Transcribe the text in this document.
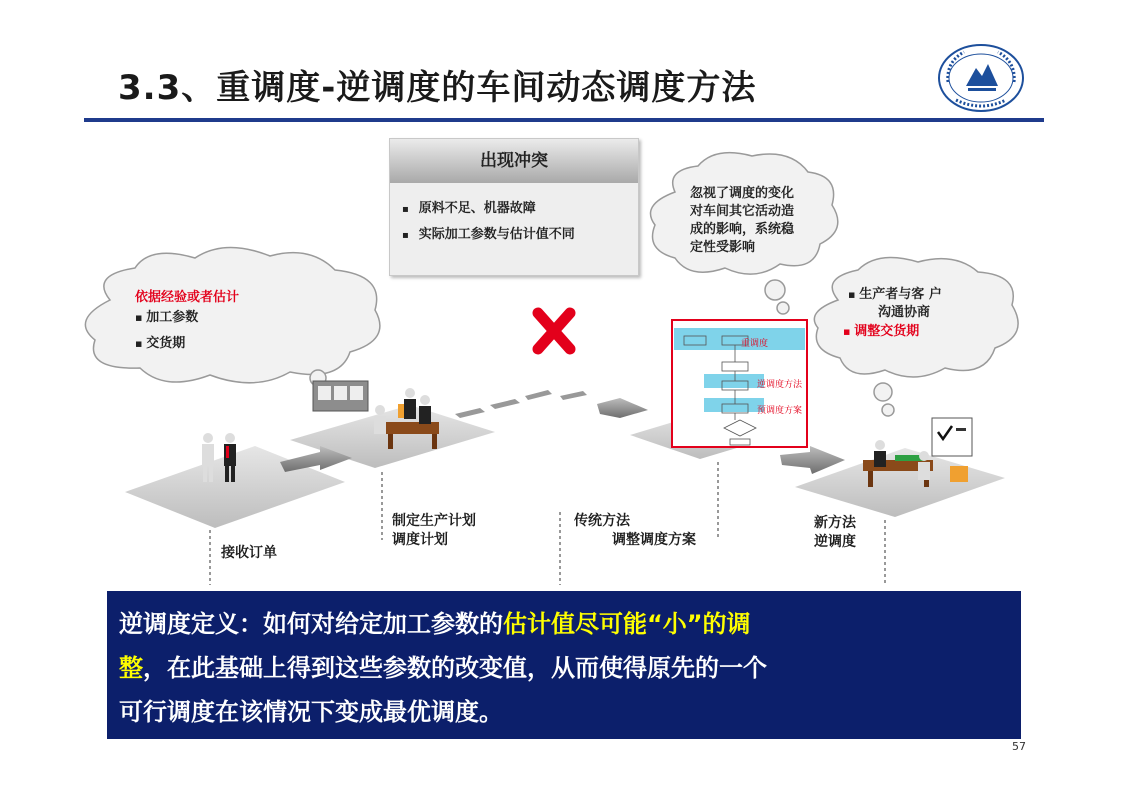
3.3、重调度-逆调度的车间动态调度方法
出现冲突
▪ 原料不足、机器故障
▪ 实际加工参数与估计值不同
依据经验或者估计
▪ 加工参数
▪ 交货期
忽视了调度的变化
对车间其它活动造
成的影响，系统稳
定性受影响
▪ 生产者与客 户
沟通协商
▪ 调整交货期
重调度
逆调度方法
预调度方案
接收订单
制定生产计划
调度计划
传统方法
调整调度方案
新方法
逆调度
逆调度定义：如何对给定加工参数的估计值尽可能“小”的调
整，在此基础上得到这些参数的改变值，从而使得原先的一个
可行调度在该情况下变成最优调度。
57
